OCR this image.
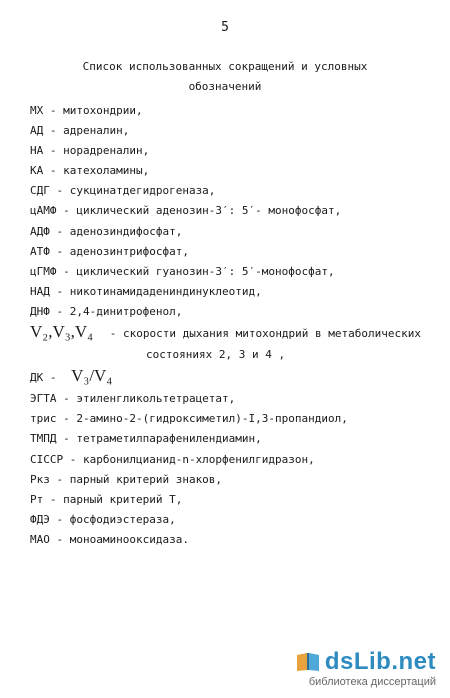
5
Список использованных сокращений и условных
обозначений
МХ - митохондрии,
АД - адреналин,
НА - норадреналин,
КА - катехоламины,
СДГ - сукцинатдегидрогеназа,
цАМФ - циклический аденозин-3′: 5′- монофосфат,
АДФ - аденозиндифосфат,
АТФ - аденозинтрифосфат,
цГМФ - циклический гуанозин-3′: 5′-монофосфат,
НАД - никотинамидадениндинуклеотид,
ДНФ - 2,4-динитрофенол,
V₂,V₃,V₄ - скорости дыхания митохондрий в метаболических
состояниях 2, 3 и 4 ,
ДК - V₃/V₄
ЭГТА - этиленгликольтетрацетат,
трис - 2-амино-2-(гидроксиметил)-I,3-пропандиол,
ТМПД - тетраметилпарафенилендиамин,
CICCP - карбонилцианид-n-хлорфенилгидразон,
Ркз - парный критерий знаков,
Рт - парный критерий Т,
ФДЭ - фосфодиэстераза,
МАО - моноаминооксидаза.
dsLib.net
библиотека диссертаций
